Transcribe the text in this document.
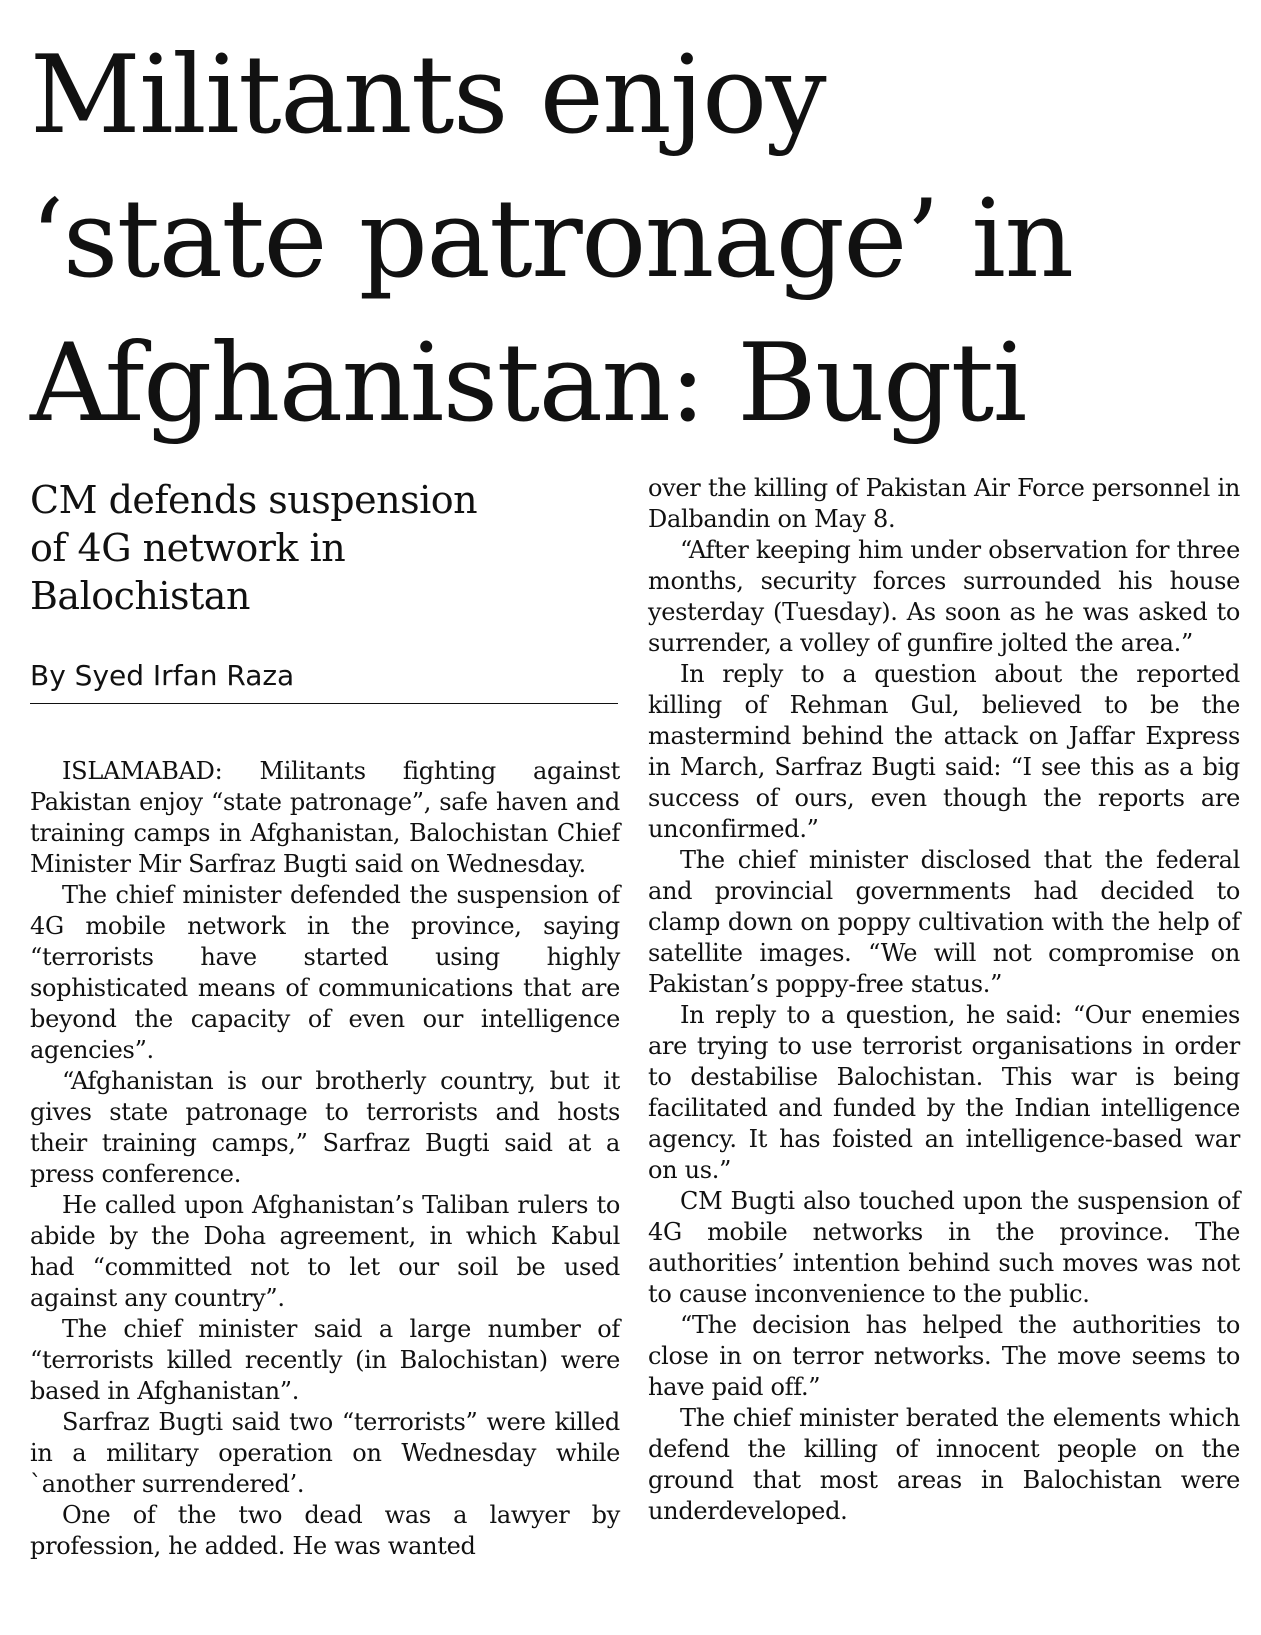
Militants enjoy
‘state patronage’ in
Afghanistan: Bugti
CM defends suspension
of 4G network in
Balochistan
By Syed Irfan Raza

ISLAMABAD: Militants fighting against Pakistan enjoy “state patronage”, safe haven and training camps in Afghanistan, Balochistan Chief Minister Mir Sarfraz Bugti said on Wednesday.

The chief minister defended the suspension of 4G mobile network in the province, saying “terrorists have started using highly sophisticated means of communications that are beyond the capacity of even our intelligence agencies”.

“Afghanistan is our brotherly country, but it gives state patronage to terrorists and hosts their training camps,” Sarfraz Bugti said at a press conference.

He called upon Afghanistan’s Taliban rulers to abide by the Doha agreement, in which Kabul had “committed not to let our soil be used against any country”.

The chief minister said a large number of “terrorists killed recently (in Balochistan) were based in Afghanistan”.

Sarfraz Bugti said two “terrorists” were killed in a military operation on Wednesday while `another surrendered’.

One of the two dead was a lawyer by profession, he added. He was wanted

over the killing of Pakistan Air Force personnel in Dalbandin on May 8.

“After keeping him under observation for three months, security forces surrounded his house yesterday (Tuesday). As soon as he was asked to surrender, a volley of gunfire jolted the area.”

In reply to a question about the reported killing of Rehman Gul, believed to be the mastermind behind the attack on Jaffar Express in March, Sarfraz Bugti said: “I see this as a big success of ours, even though the reports are unconfirmed.”

The chief minister disclosed that the federal and provincial governments had decided to clamp down on poppy cultivation with the help of satellite images. “We will not compromise on Pakistan’s poppy-free status.”

In reply to a question, he said: “Our enemies are trying to use terrorist organisations in order to destabilise Balochistan. This war is being facilitated and funded by the Indian intelligence agency. It has foisted an intelligence-based war on us.”

CM Bugti also touched upon the suspension of 4G mobile networks in the province. The authorities’ intention behind such moves was not to cause inconvenience to the public.

“The decision has helped the authorities to close in on terror networks. The move seems to have paid off.”

The chief minister berated the elements which defend the killing of innocent people on the ground that most areas in Balochistan were underdeveloped.
